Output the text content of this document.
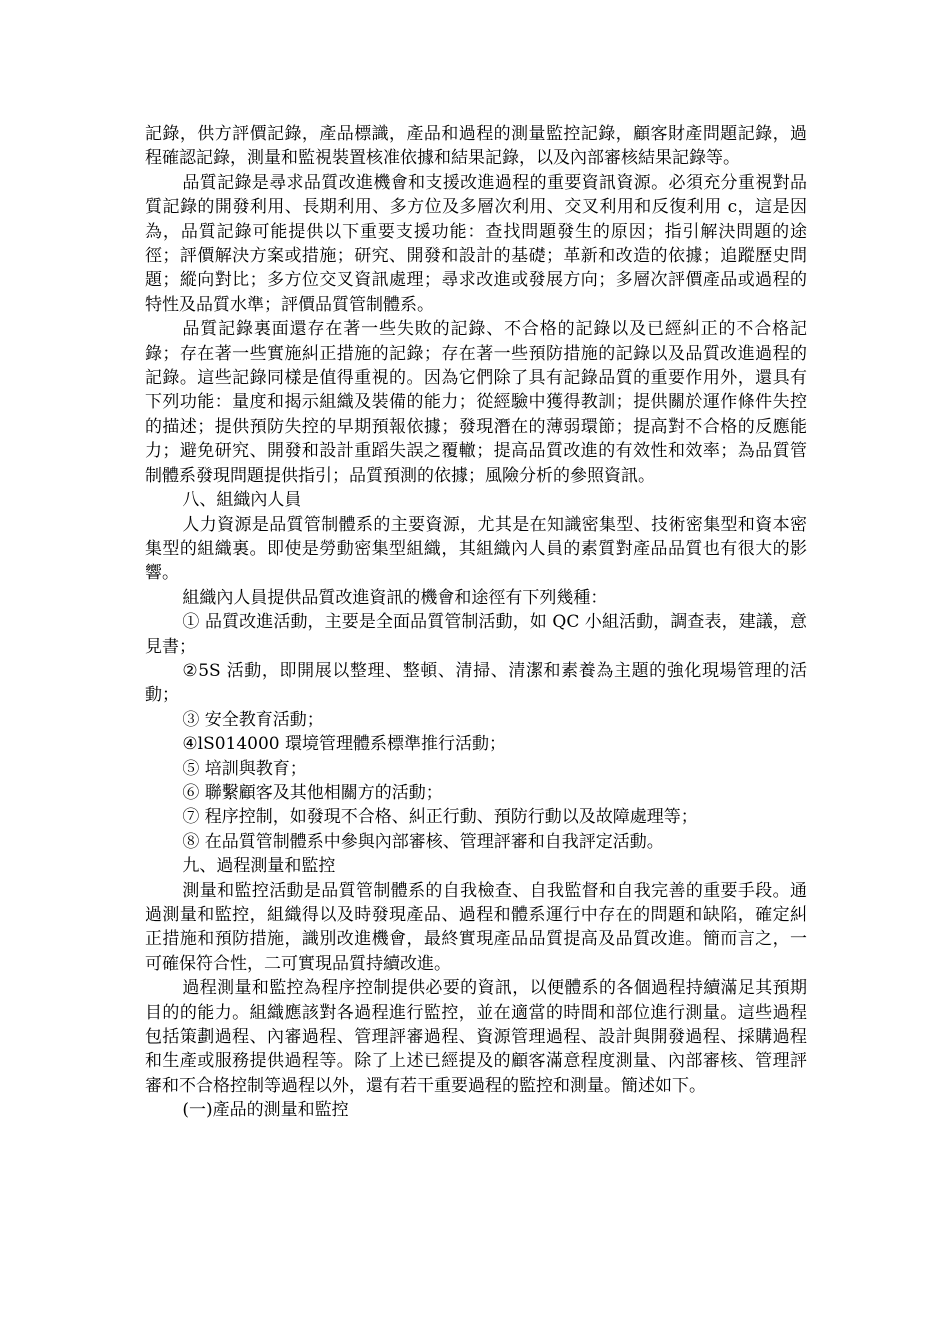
記錄，供方評價記錄，產品標識，產品和過程的測量監控記錄，顧客財產問題記錄，過程確認記錄，測量和監視裝置核准依據和結果記錄，以及內部審核結果記錄等。

品質記錄是尋求品質改進機會和支援改進過程的重要資訊資源。必須充分重視對品質記錄的開發利用、長期利用、多方位及多層次利用、交叉利用和反復利用 c，這是因為，品質記錄可能提供以下重要支援功能：查找問題發生的原因；指引解決問題的途徑；評價解決方案或措施；研究、開發和設計的基礎；革新和改造的依據；追蹤歷史問題；縱向對比；多方位交叉資訊處理；尋求改進或發展方向；多層次評價產品或過程的特性及品質水準；評價品質管制體系。

品質記錄裏面還存在著一些失敗的記錄、不合格的記錄以及已經糾正的不合格記錄；存在著一些實施糾正措施的記錄；存在著一些預防措施的記錄以及品質改進過程的記錄。這些記錄同樣是值得重視的。因為它們除了具有記錄品質的重要作用外，還具有下列功能：量度和揭示組織及裝備的能力；從經驗中獲得教訓；提供關於運作條件失控的描述；提供預防失控的早期預報依據；發現潛在的薄弱環節；提高對不合格的反應能力；避免研究、開發和設計重蹈失誤之覆轍；提高品質改進的有效性和效率；為品質管制體系發現問題提供指引；品質預測的依據；風險分析的參照資訊。

八、組織內人員

人力資源是品質管制體系的主要資源，尤其是在知識密集型、技術密集型和資本密集型的組織裏。即使是勞動密集型組織，其組織內人員的素質對產品品質也有很大的影響。

組織內人員提供品質改進資訊的機會和途徑有下列幾種：

① 品質改進活動，主要是全面品質管制活動，如 QC 小組活動，調查表，建議，意見書；

②5S 活動，即開展以整理、整頓、清掃、清潔和素養為主題的強化現場管理的活動；

③ 安全教育活動；

④lS014000 環境管理體系標準推行活動；

⑤ 培訓與教育；

⑥ 聯繫顧客及其他相關方的活動；

⑦ 程序控制，如發現不合格、糾正行動、預防行動以及故障處理等；

⑧ 在品質管制體系中參與內部審核、管理評審和自我評定活動。

九、過程測量和監控

測量和監控活動是品質管制體系的自我檢查、自我監督和自我完善的重要手段。通過測量和監控，組織得以及時發現產品、過程和體系運行中存在的問題和缺陷，確定糾正措施和預防措施，識別改進機會，最終實現產品品質提高及品質改進。簡而言之，一可確保符合性，二可實現品質持續改進。

過程測量和監控為程序控制提供必要的資訊，以便體系的各個過程持續滿足其預期目的的能力。組織應該對各過程進行監控，並在適當的時間和部位進行測量。這些過程包括策劃過程、內審過程、管理評審過程、資源管理過程、設計與開發過程、採購過程和生產或服務提供過程等。除了上述已經提及的顧客滿意程度測量、內部審核、管理評審和不合格控制等過程以外，還有若干重要過程的監控和測量。簡述如下。

(一)產品的測量和監控
